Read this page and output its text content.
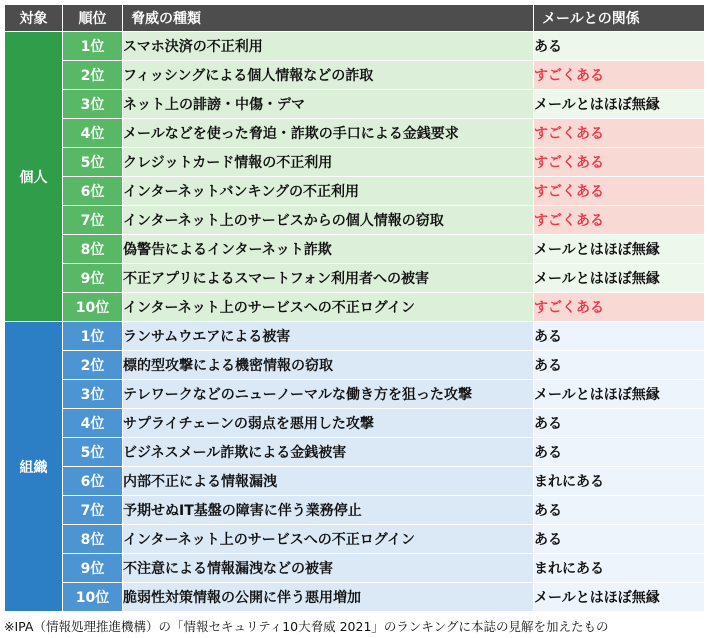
対象	順位	脅威の種類	メールとの関係
個人	1位	スマホ決済の不正利用	ある
	2位	フィッシングによる個人情報などの詐取	すごくある
	3位	ネット上の誹謗・中傷・デマ	メールとはほぼ無縁
	4位	メールなどを使った脅迫・詐欺の手口による金銭要求	すごくある
	5位	クレジットカード情報の不正利用	すごくある
	6位	インターネットバンキングの不正利用	すごくある
	7位	インターネット上のサービスからの個人情報の窃取	すごくある
	8位	偽警告によるインターネット詐欺	メールとはほぼ無縁
	9位	不正アプリによるスマートフォン利用者への被害	メールとはほぼ無縁
	10位	インターネット上のサービスへの不正ログイン	すごくある
組織	1位	ランサムウエアによる被害	ある
	2位	標的型攻撃による機密情報の窃取	ある
	3位	テレワークなどのニューノーマルな働き方を狙った攻撃	メールとはほぼ無縁
	4位	サプライチェーンの弱点を悪用した攻撃	ある
	5位	ビジネスメール詐欺による金銭被害	ある
	6位	内部不正による情報漏洩	まれにある
	7位	予期せぬIT基盤の障害に伴う業務停止	ある
	8位	インターネット上のサービスへの不正ログイン	ある
	9位	不注意による情報漏洩などの被害	まれにある
	10位	脆弱性対策情報の公開に伴う悪用増加	メールとはほぼ無縁
※IPA（情報処理推進機構）の「情報セキュリティ10大脅威 2021」のランキングに本誌の見解を加えたもの
